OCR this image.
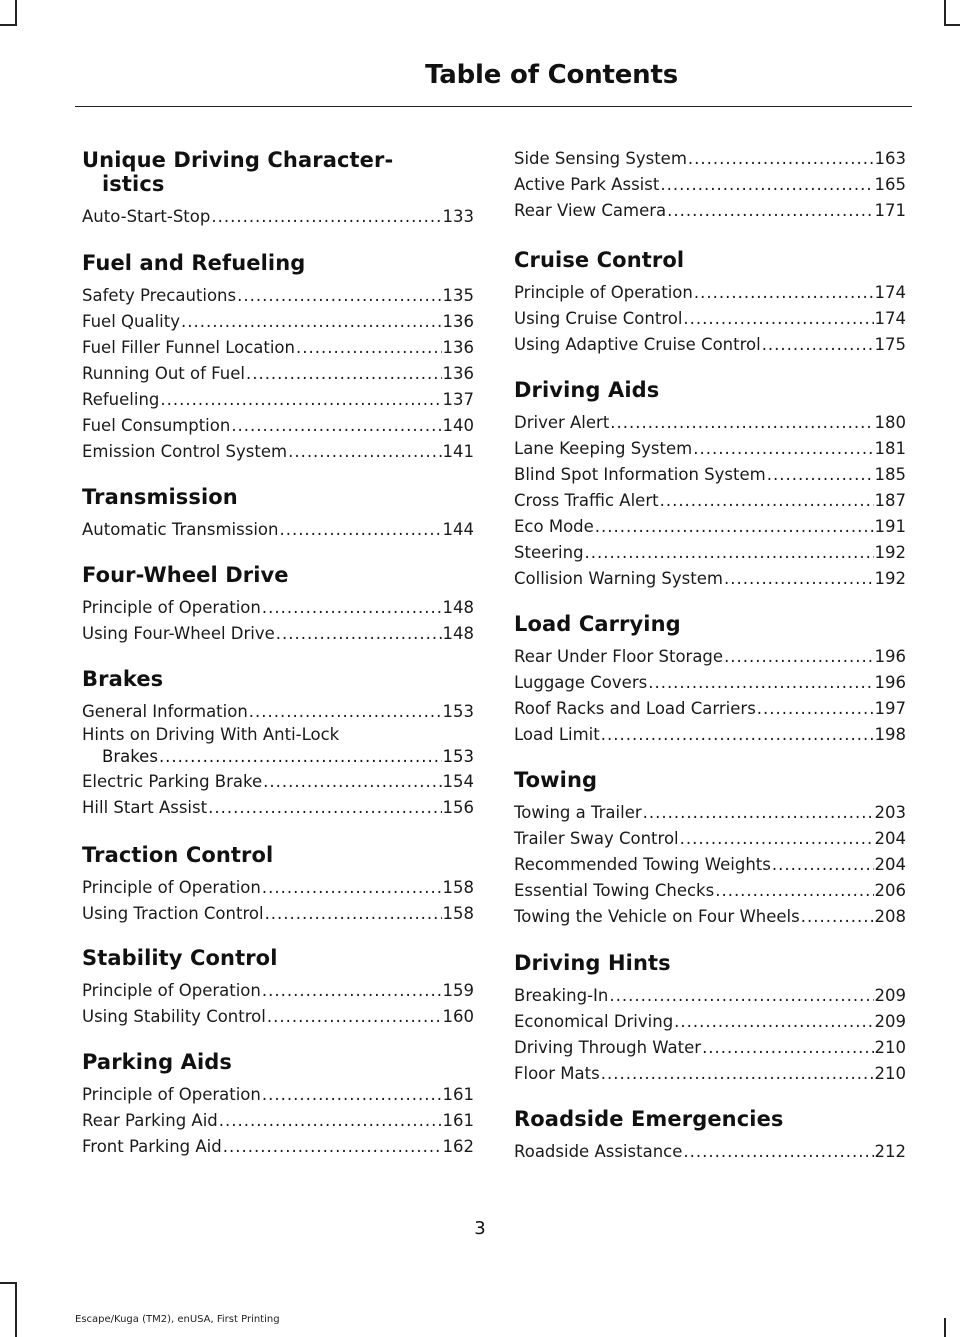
Table of Contents
Unique Driving Character-
istics
Auto-Start-Stop .....	133
Fuel and Refueling
Safety Precautions .....	135
Fuel Quality .....	136
Fuel Filler Funnel Location .....	136
Running Out of Fuel .....	136
Refueling .....	137
Fuel Consumption .....	140
Emission Control System .....	141
Transmission
Automatic Transmission .....	144
Four-Wheel Drive
Principle of Operation .....	148
Using Four-Wheel Drive .....	148
Brakes
General Information .....	153
Hints on Driving With Anti-Lock
Brakes .....	153
Electric Parking Brake .....	154
Hill Start Assist .....	156
Traction Control
Principle of Operation .....	158
Using Traction Control .....	158
Stability Control
Principle of Operation .....	159
Using Stability Control .....	160
Parking Aids
Principle of Operation .....	161
Rear Parking Aid .....	161
Front Parking Aid .....	162
Side Sensing System .....	163
Active Park Assist .....	165
Rear View Camera .....	171
Cruise Control
Principle of Operation .....	174
Using Cruise Control .....	174
Using Adaptive Cruise Control .....	175
Driving Aids
Driver Alert .....	180
Lane Keeping System .....	181
Blind Spot Information System .....	185
Cross Traffic Alert .....	187
Eco Mode .....	191
Steering .....	192
Collision Warning System .....	192
Load Carrying
Rear Under Floor Storage .....	196
Luggage Covers .....	196
Roof Racks and Load Carriers .....	197
Load Limit .....	198
Towing
Towing a Trailer .....	203
Trailer Sway Control .....	204
Recommended Towing Weights .....	204
Essential Towing Checks .....	206
Towing the Vehicle on Four Wheels .....	208
Driving Hints
Breaking-In .....	209
Economical Driving .....	209
Driving Through Water .....	210
Floor Mats .....	210
Roadside Emergencies
Roadside Assistance .....	212
3
Escape/Kuga (TM2), enUSA, First Printing
